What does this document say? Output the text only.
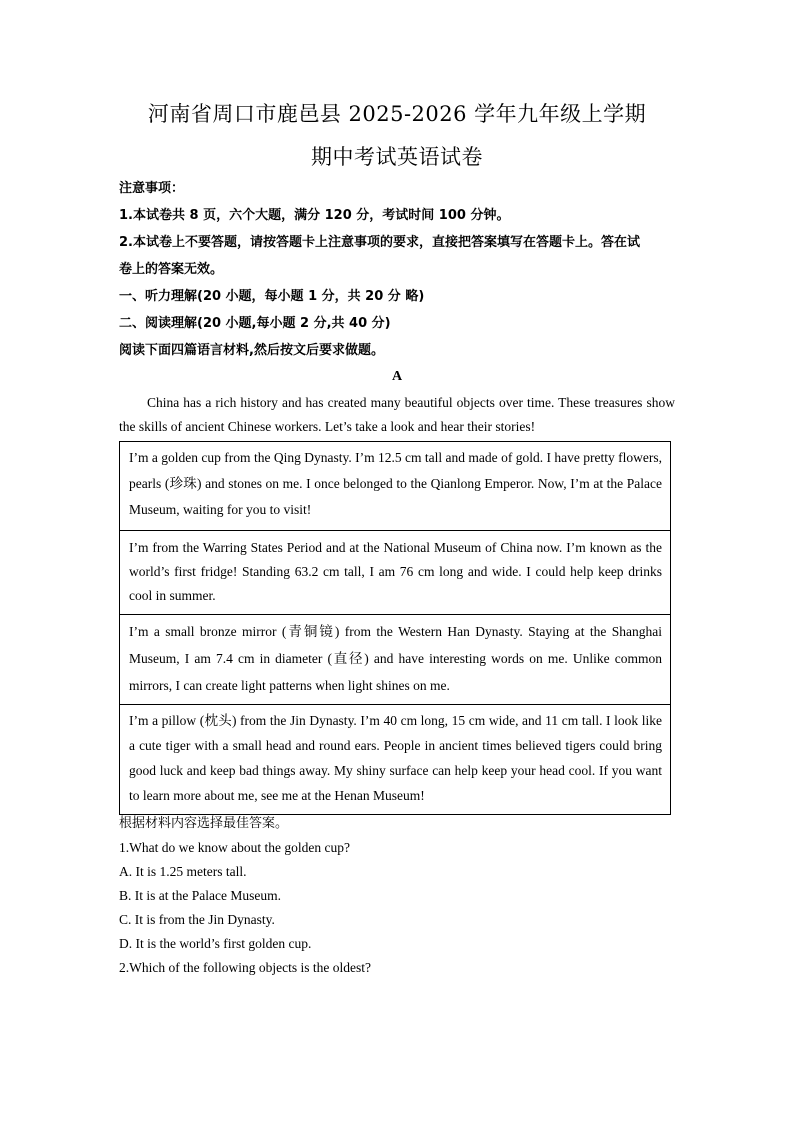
河南省周口市鹿邑县 2025-2026 学年九年级上学期
期中考试英语试卷
注意事项：
1.本试卷共 8 页，六个大题，满分 120 分，考试时间 100 分钟。
2.本试卷上不要答题，请按答题卡上注意事项的要求，直接把答案填写在答题卡上。答在试
卷上的答案无效。
一、听力理解(20 小题，每小题 1 分，共 20 分 略)
二、阅读理解(20 小题,每小题 2 分,共 40 分)
阅读下面四篇语言材料,然后按文后要求做题。
A
China has a rich history and has created many beautiful objects over time. These treasures show the skills of ancient Chinese workers. Let’s take a look and hear their stories!
I’m a golden cup from the Qing Dynasty. I’m 12.5 cm tall and made of gold. I have pretty flowers, pearls (珍珠) and stones on me. I once belonged to the Qianlong Emperor. Now, I’m at the Palace Museum, waiting for you to visit!
I’m from the Warring States Period and at the National Museum of China now. I’m known as the world’s first fridge! Standing 63.2 cm tall, I am 76 cm long and wide. I could help keep drinks cool in summer.
I’m a small bronze mirror (青铜镜) from the Western Han Dynasty. Staying at the Shanghai Museum, I am 7.4 cm in diameter (直径) and have interesting words on me. Unlike common mirrors, I can create light patterns when light shines on me.
I’m a pillow (枕头) from the Jin Dynasty. I’m 40 cm long, 15 cm wide, and 11 cm tall. I look like a cute tiger with a small head and round ears. People in ancient times believed tigers could bring good luck and keep bad things away. My shiny surface can help keep your head cool. If you want to learn more about me, see me at the Henan Museum!
根据材料内容选择最佳答案。
1.What do we know about the golden cup?
A. It is 1.25 meters tall.
B. It is at the Palace Museum.
C. It is from the Jin Dynasty.
D. It is the world’s first golden cup.
2.Which of the following objects is the oldest?
